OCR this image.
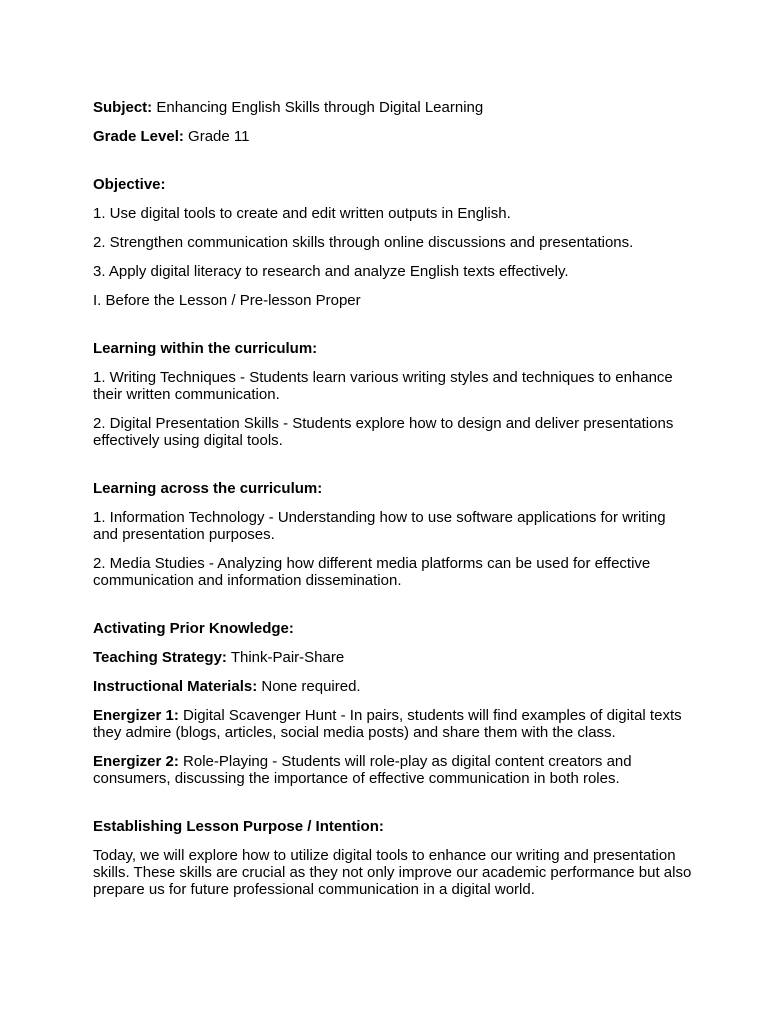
Subject: Enhancing English Skills through Digital Learning

Grade Level: Grade 11

Objective:

1. Use digital tools to create and edit written outputs in English.

2. Strengthen communication skills through online discussions and presentations.

3. Apply digital literacy to research and analyze English texts effectively.

I. Before the Lesson / Pre-lesson Proper

Learning within the curriculum:

1. Writing Techniques - Students learn various writing styles and techniques to enhance their written communication.

2. Digital Presentation Skills - Students explore how to design and deliver presentations effectively using digital tools.

Learning across the curriculum:

1. Information Technology - Understanding how to use software applications for writing and presentation purposes.

2. Media Studies - Analyzing how different media platforms can be used for effective communication and information dissemination.

Activating Prior Knowledge:

Teaching Strategy: Think-Pair-Share

Instructional Materials: None required.

Energizer 1: Digital Scavenger Hunt - In pairs, students will find examples of digital texts they admire (blogs, articles, social media posts) and share them with the class.

Energizer 2: Role-Playing - Students will role-play as digital content creators and consumers, discussing the importance of effective communication in both roles.

Establishing Lesson Purpose / Intention:

Today, we will explore how to utilize digital tools to enhance our writing and presentation skills. These skills are crucial as they not only improve our academic performance but also prepare us for future professional communication in a digital world.
